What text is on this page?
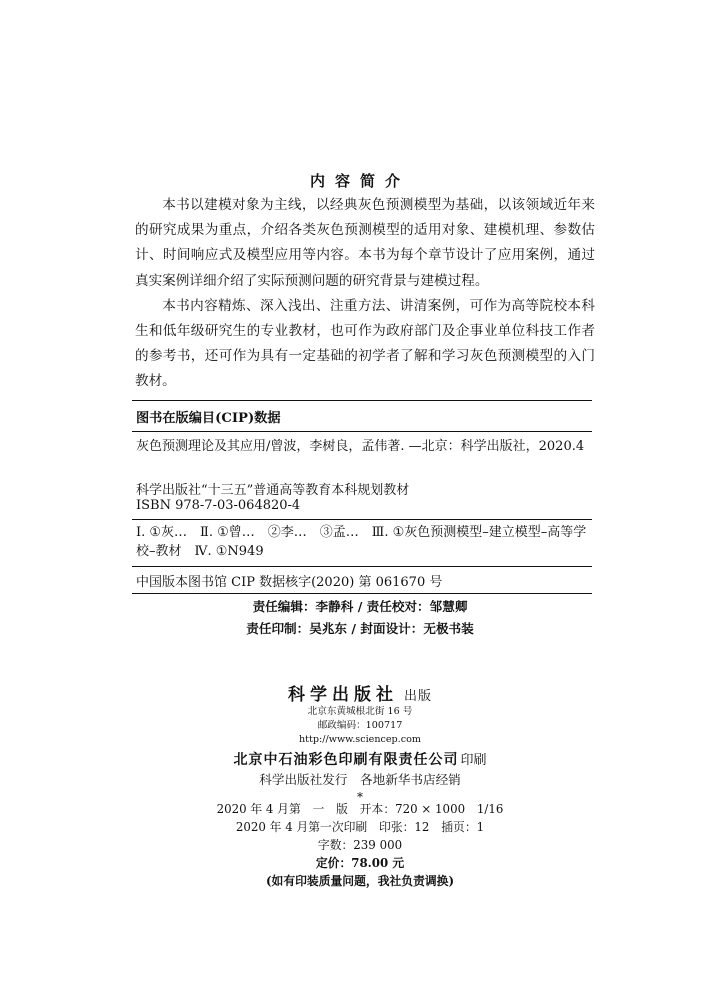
内容简介

本书以建模对象为主线，以经典灰色预测模型为基础，以该领域近年来的研究成果为重点，介绍各类灰色预测模型的适用对象、建模机理、参数估计、时间响应式及模型应用等内容。本书为每个章节设计了应用案例，通过真实案例详细介绍了实际预测问题的研究背景与建模过程。

本书内容精炼、深入浅出、注重方法、讲清案例，可作为高等院校本科生和低年级研究生的专业教材，也可作为政府部门及企事业单位科技工作者的参考书，还可作为具有一定基础的初学者了解和学习灰色预测模型的入门教材。

图书在版编目(CIP)数据
灰色预测理论及其应用/曾波，李树良，孟伟著. —北京：科学出版社，2020.4
科学出版社“十三五”普通高等教育本科规划教材
ISBN 978-7-03-064820-4
Ⅰ. ①灰…　Ⅱ. ①曾…　②李…　③孟…　Ⅲ. ①灰色预测模型–建立模型–高等学校–教材　Ⅳ. ①N949
中国版本图书馆 CIP 数据核字(2020) 第 061670 号
责任编辑：李静科 / 责任校对：邹慧卿
责任印制：吴兆东 / 封面设计：无极书装
科学出版社 出版
北京东黄城根北街 16 号
邮政编码：100717
http://www.sciencep.com
北京中石油彩色印刷有限责任公司 印刷
科学出版社发行　各地新华书店经销
*
2020 年 4 月第　一　版　开本：720 × 1000　1/16
2020 年 4 月第一次印刷　印张：12　插页：1
字数：239 000
定价：78.00 元
(如有印装质量问题，我社负责调换)
